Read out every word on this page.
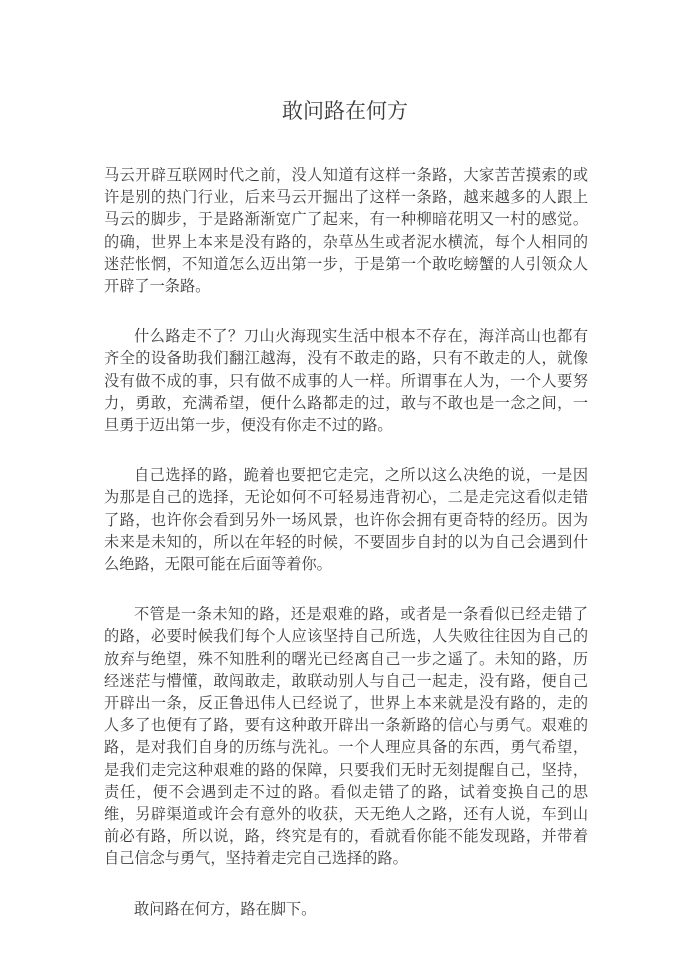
敢问路在何方

马云开辟互联网时代之前，没人知道有这样一条路，大家苦苦摸索的或许是别的热门行业，后来马云开掘出了这样一条路，越来越多的人跟上马云的脚步，于是路渐渐宽广了起来，有一种柳暗花明又一村的感觉。的确，世界上本来是没有路的，杂草丛生或者泥水横流，每个人相同的迷茫怅惘，不知道怎么迈出第一步，于是第一个敢吃螃蟹的人引领众人开辟了一条路。

什么路走不了？刀山火海现实生活中根本不存在，海洋高山也都有齐全的设备助我们翻江越海，没有不敢走的路，只有不敢走的人，就像没有做不成的事，只有做不成事的人一样。所谓事在人为，一个人要努力，勇敢，充满希望，便什么路都走的过，敢与不敢也是一念之间，一旦勇于迈出第一步，便没有你走不过的路。

自己选择的路，跪着也要把它走完，之所以这么决绝的说，一是因为那是自己的选择，无论如何不可轻易违背初心，二是走完这看似走错了路，也许你会看到另外一场风景，也许你会拥有更奇特的经历。因为未来是未知的，所以在年轻的时候，不要固步自封的以为自己会遇到什么绝路，无限可能在后面等着你。

不管是一条未知的路，还是艰难的路，或者是一条看似已经走错了的路，必要时候我们每个人应该坚持自己所选，人失败往往因为自己的放弃与绝望，殊不知胜利的曙光已经离自己一步之遥了。未知的路，历经迷茫与懵懂，敢闯敢走，敢联动别人与自己一起走，没有路，便自己开辟出一条，反正鲁迅伟人已经说了，世界上本来就是没有路的，走的人多了也便有了路，要有这种敢开辟出一条新路的信心与勇气。艰难的路，是对我们自身的历练与洗礼。一个人理应具备的东西，勇气希望，是我们走完这种艰难的路的保障，只要我们无时无刻提醒自己，坚持，责任，便不会遇到走不过的路。看似走错了的路，试着变换自己的思维，另辟渠道或许会有意外的收获，天无绝人之路，还有人说，车到山前必有路，所以说，路，终究是有的，看就看你能不能发现路，并带着自己信念与勇气，坚持着走完自己选择的路。

敢问路在何方，路在脚下。
